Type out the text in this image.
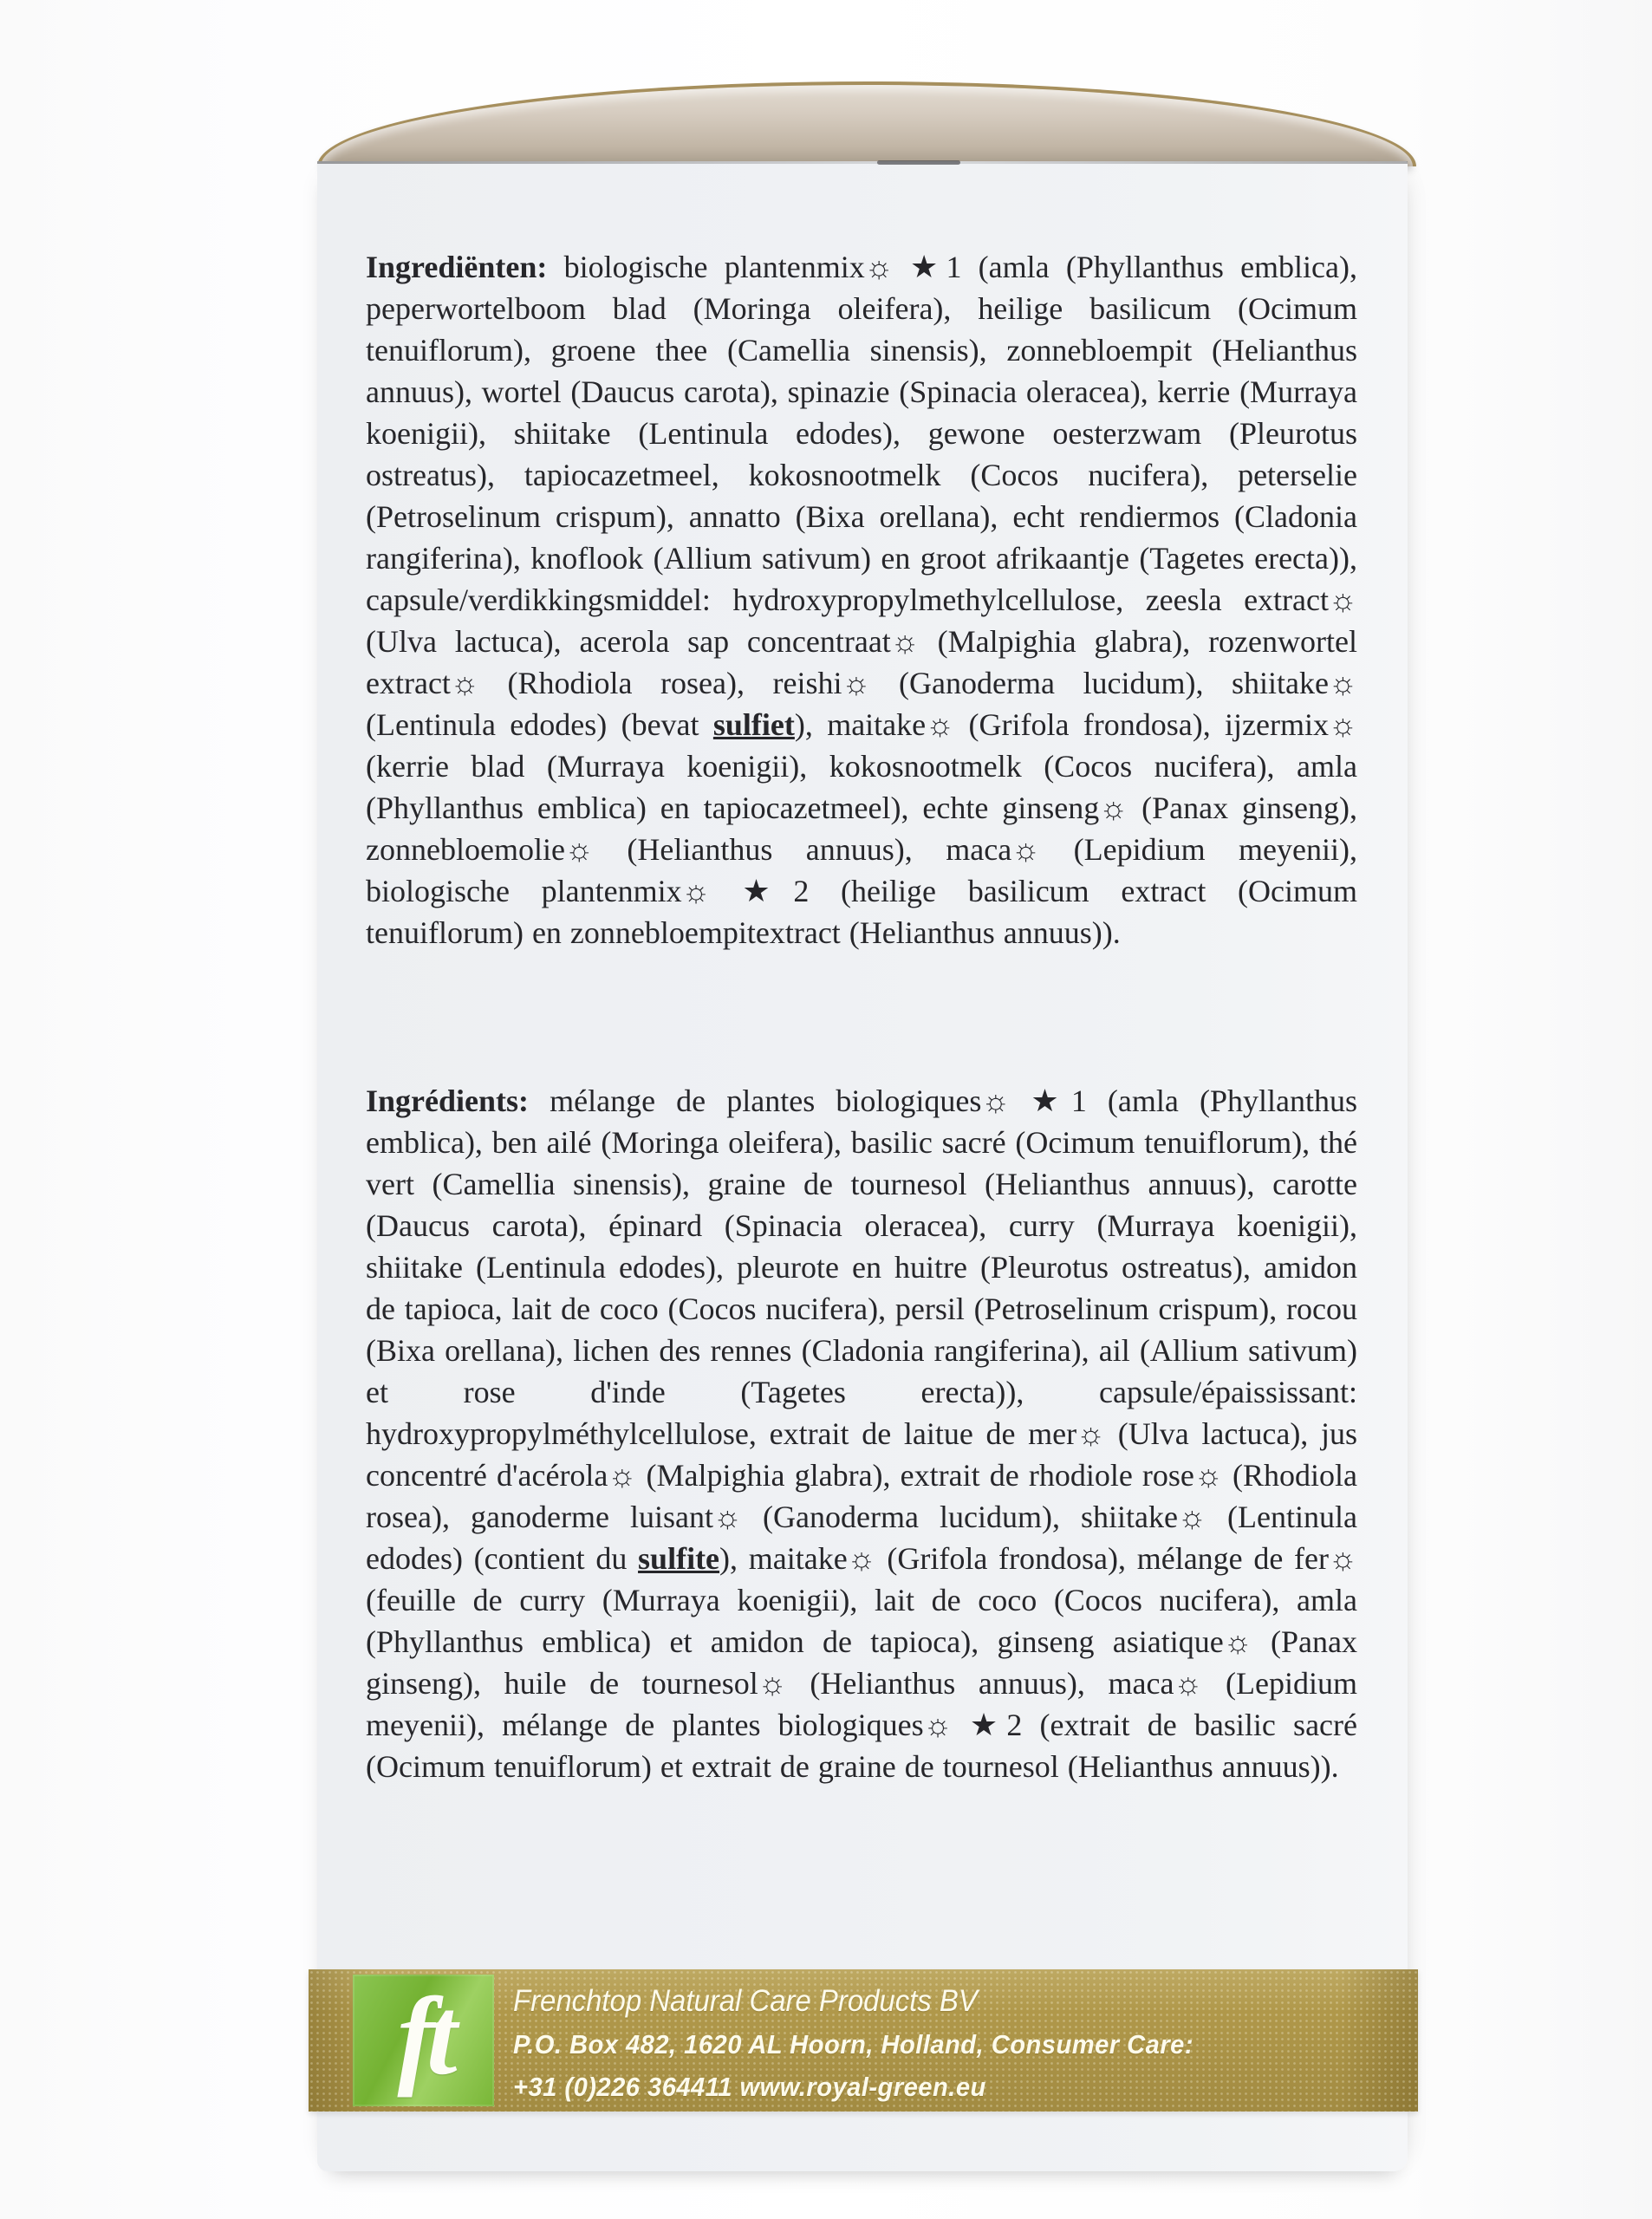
Ingrediënten: biologische plantenmix☼ ★1 (amla (Phyllanthus emblica), peperwortelboom blad (Moringa oleifera), heilige basilicum (Ocimum tenuiflorum), groene thee (Camellia sinensis), zonnebloempit (Helianthus annuus), wortel (Daucus carota), spinazie (Spinacia oleracea), kerrie (Murraya koenigii), shiitake (Lentinula edodes), gewone oesterzwam (Pleurotus ostreatus), tapiocazetmeel, kokosnootmelk (Cocos nucifera), peterselie (Petroselinum crispum), annatto (Bixa orellana), echt rendiermos (Cladonia rangiferina), knoflook (Allium sativum) en groot afrikaantje (Tagetes erecta)), capsule/verdikkingsmiddel: hydroxypropylmethylcellulose, zeesla extract☼ (Ulva lactuca), acerola sap concentraat☼ (Malpighia glabra), rozenwortel extract☼ (Rhodiola rosea), reishi☼ (Ganoderma lucidum), shiitake☼ (Lentinula edodes) (bevat sulfiet), maitake☼ (Grifola frondosa), ijzermix☼ (kerrie blad (Murraya koenigii), kokosnootmelk (Cocos nucifera), amla (Phyllanthus emblica) en tapiocazetmeel), echte ginseng☼ (Panax ginseng), zonnebloemolie☼ (Helianthus annuus), maca☼ (Lepidium meyenii), biologische plantenmix☼ ★2 (heilige basilicum extract (Ocimum tenuiflorum) en zonnebloempitextract (Helianthus annuus)).

Ingrédients: mélange de plantes biologiques☼ ★1 (amla (Phyllanthus emblica), ben ailé (Moringa oleifera), basilic sacré (Ocimum tenuiflorum), thé vert (Camellia sinensis), graine de tournesol (Helianthus annuus), carotte (Daucus carota), épinard (Spinacia oleracea), curry (Murraya koenigii), shiitake (Lentinula edodes), pleurote en huitre (Pleurotus ostreatus), amidon de tapioca, lait de coco (Cocos nucifera), persil (Petroselinum crispum), rocou (Bixa orellana), lichen des rennes (Cladonia rangiferina), ail (Allium sativum) et rose d'inde (Tagetes erecta)), capsule/épaississant: hydroxypropylméthylcellulose, extrait de laitue de mer☼ (Ulva lactuca), jus concentré d'acérola☼ (Malpighia glabra), extrait de rhodiole rose☼ (Rhodiola rosea), ganoderme luisant☼ (Ganoderma lucidum), shiitake☼ (Lentinula edodes) (contient du sulfite), maitake☼ (Grifola frondosa), mélange de fer☼ (feuille de curry (Murraya koenigii), lait de coco (Cocos nucifera), amla (Phyllanthus emblica) et amidon de tapioca), ginseng asiatique☼ (Panax ginseng), huile de tournesol☼ (Helianthus annuus), maca☼ (Lepidium meyenii), mélange de plantes biologiques☼ ★2 (extrait de basilic sacré (Ocimum tenuiflorum) et extrait de graine de tournesol (Helianthus annuus)).

ft Frenchtop Natural Care Products BV
P.O. Box 482, 1620 AL Hoorn, Holland, Consumer Care:
+31 (0)226 364411 www.royal-green.eu
